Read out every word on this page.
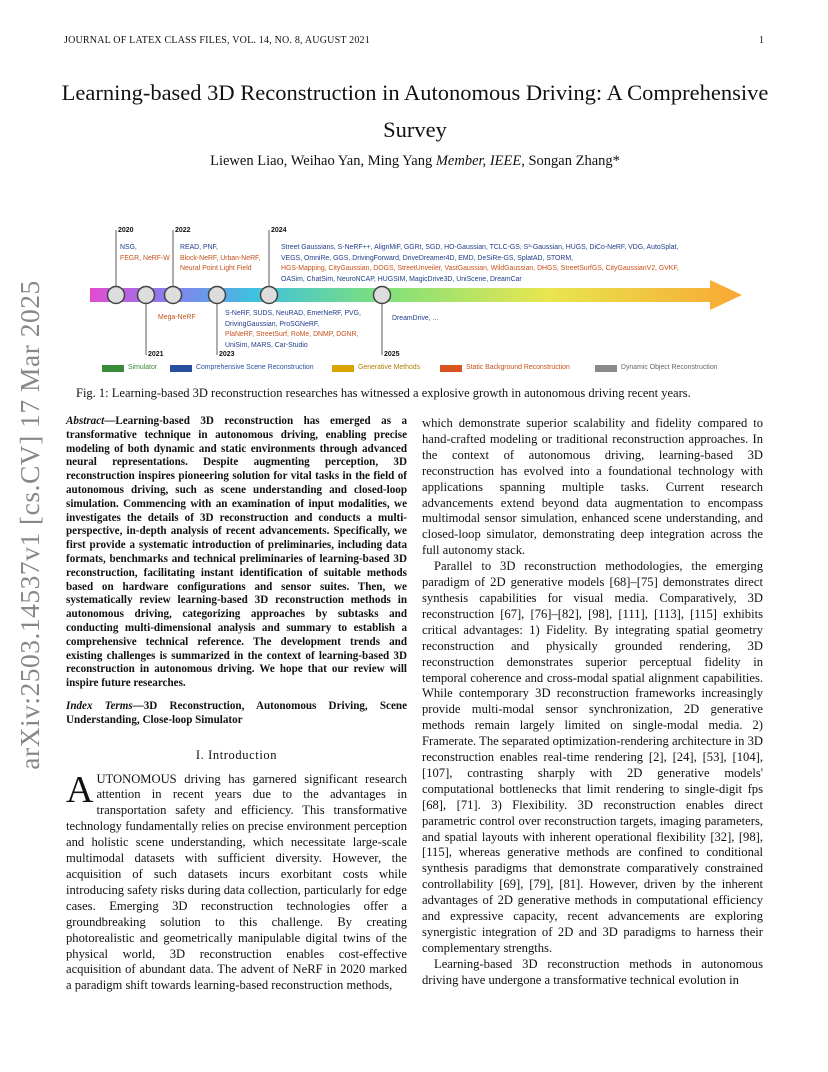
JOURNAL OF LATEX CLASS FILES, VOL. 14, NO. 8, AUGUST 2021	1
Learning-based 3D Reconstruction in Autonomous Driving: A Comprehensive Survey
Liewen Liao, Weihao Yan, Ming Yang Member, IEEE, Songan Zhang*
arXiv:2503.14537v1 [cs.CV] 17 Mar 2025
2020	2022	2024
2021	2023	2025
NSG,
FEGR, NeRF-W
READ, PNF,
Block-NeRF, Urban-NeRF,
Neural Point Light Field
Street Gaussians, S-NeRF++, AlignMiF, GGRt, SGD, HO-Gaussian, TCLC-GS, S³-Gaussian, HUGS, DiCo-NeRF, VDG, AutoSplat,
VEGS, OmniRe, GGS, DrivingForward, DriveDreamer4D, EMD, DeSiRe-GS, SplatAD, STORM,
HGS-Mapping, CityGaussian, DOGS, StreetUnveiler, VastGaussian, WildGaussian, DHGS, StreetSurfGS, CityGaussianV2, GVKF,
OASim, ChatSim, NeuroNCAP, HUGSIM, MagicDrive3D, UniScene, DreamCar
Mega-NeRF
S-NeRF, SUDS, NeuRAD, EmerNeRF, PVG,
DrivingGaussian, ProSGNeRF,
PlaNeRF, StreetSurf, RoMe, DNMP, DGNR,
UniSim, MARS, Car-Studio
DreamDrive, ...
Simulator	Comprehensive Scene Reconstruction	Generative Methods	Static Background Reconstruction	Dynamic Object Reconstruction
Fig. 1: Learning-based 3D reconstruction researches has witnessed a explosive growth in autonomous driving recent years.
Abstract—Learning-based 3D reconstruction has emerged as a transformative technique in autonomous driving, enabling precise modeling of both dynamic and static environments through advanced neural representations. Despite augmenting perception, 3D reconstruction inspires pioneering solution for vital tasks in the field of autonomous driving, such as scene understanding and closed-loop simulation. Commencing with an examination of input modalities, we investigates the details of 3D reconstruction and conducts a multi-perspective, in-depth analysis of recent advancements. Specifically, we first provide a systematic introduction of preliminaries, including data formats, benchmarks and technical preliminaries of learning-based 3D reconstruction, facilitating instant identification of suitable methods based on hardware configurations and sensor suites. Then, we systematically review learning-based 3D reconstruction methods in autonomous driving, categorizing approaches by subtasks and conducting multi-dimensional analysis and summary to establish a comprehensive technical reference. The development trends and existing challenges is summarized in the context of learning-based 3D reconstruction in autonomous driving. We hope that our review will inspire future researches.
Index Terms—3D Reconstruction, Autonomous Driving, Scene Understanding, Close-loop Simulator
I. Introduction
AUTONOMOUS driving has garnered significant research attention in recent years due to the advantages in transportation safety and efficiency. This transformative technology fundamentally relies on precise environment perception and holistic scene understanding, which necessitate large-scale multimodal datasets with sufficient diversity. However, the acquisition of such datasets incurs exorbitant costs while introducing safety risks during data collection, particularly for edge cases. Emerging 3D reconstruction technologies offer a groundbreaking solution to this challenge. By creating photorealistic and geometrically manipulable digital twins of the physical world, 3D reconstruction enables cost-effective acquisition of abundant data. The advent of NeRF in 2020 marked a paradigm shift towards learning-based reconstruction methods,

which demonstrate superior scalability and fidelity compared to hand-crafted modeling or traditional reconstruction approaches. In the context of autonomous driving, learning-based 3D reconstruction has evolved into a foundational technology with applications spanning multiple tasks. Current research advancements extend beyond data augmentation to encompass multimodal sensor simulation, enhanced scene understanding, and closed-loop simulator, demonstrating deep integration across the full autonomy stack.

Parallel to 3D reconstruction methodologies, the emerging paradigm of 2D generative models [68]–[75] demonstrates direct synthesis capabilities for visual media. Comparatively, 3D reconstruction [67], [76]–[82], [98], [111], [113], [115] exhibits critical advantages: 1) Fidelity. By integrating spatial geometry reconstruction and physically grounded rendering, 3D reconstruction demonstrates superior perceptual fidelity in temporal coherence and cross-modal spatial alignment capabilities. While contemporary 3D reconstruction frameworks increasingly provide multi-modal sensor synchronization, 2D generative methods remain largely limited on single-modal media. 2) Framerate. The separated optimization-rendering architecture in 3D reconstruction enables real-time rendering [2], [24], [53], [104], [107], contrasting sharply with 2D generative models' computational bottlenecks that limit rendering to single-digit fps [68], [71]. 3) Flexibility. 3D reconstruction enables direct parametric control over reconstruction targets, imaging parameters, and spatial layouts with inherent operational flexibility [32], [98], [115], whereas generative methods are confined to conditional synthesis paradigms that demonstrate comparatively constrained controllability [69], [79], [81]. However, driven by the inherent advantages of 2D generative methods in computational efficiency and expressive capacity, recent advancements are exploring synergistic integration of 2D and 3D paradigms to harness their complementary strengths.

Learning-based 3D reconstruction methods in autonomous driving have undergone a transformative technical evolution in
